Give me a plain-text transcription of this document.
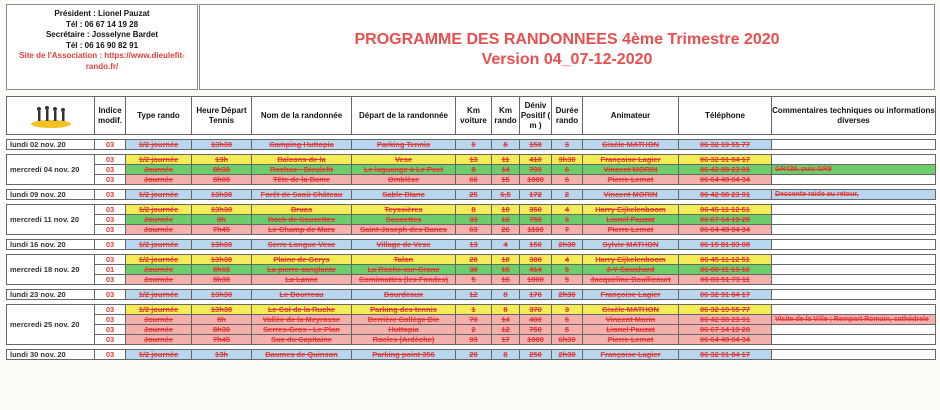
Président : Lionel Pauzat
Tél : 06 67 14 19 28
Secrétaire : Josselyne Bardet
Tél : 06 16 90 82 91
Site de l'Association : https://www.dieulefit-
rando.fr/
PROGRAMME DES RANDONNEES 4ème Trimestre 2020
Version 04_07-12-2020
	Indice modif.	Type rando	Heure Départ Tennis	Nom de la randonnée	Départ de la randonnée	Km voiture	Km rando	Déniv Positif ( m )	Durée rando	Animateur	Téléphone	Commentaires techniques ou informations diverses

lundi 02 nov. 20	03	1/2 journée	13h30	Camping Huttopia	Parking Tennis	0	8	150	3	Gisèle MATHON	06 32 19 55 77	

mercredi 04 nov. 20	03	1/2 journée	13h	Balcons de la	Vese	13	11	410	3h30	Françoise Lagier	06 32 91 84 17	
	03	Journée	8h30	Rochas - Dieulefit	Le laguange à Le Poet	8	14	790	6	Vincent MORIN	06 42 88 23 91	GR429, puis GR9
	03	Journée	8h00	Tête de la Dame	Omblèze	66	15	1000	6	Pierre Lemot	06 64 48 04 34	

lundi 09 nov. 20	03	1/2 journée	13h30	Forêt de Saoû Château	Sable Blanc	25	6,5	172	2	Vincent MORIN	06 42 88 23 91	Descente raide au retour,

mercredi 11 nov. 20	03	1/2 journée	13h30	Bruas	Teyssières	8	10	350	4	Harry Eijkelenboom	06 45 11 12 51	
	03	Journée	8h	Rock de Soucettes	Soucettes	33	16	750	6	Lionel Pauzat	06 67 14 19 28	
	03	Journée	7h45	Le Champ de Mars	Saint-Joseph des Bancs	63	26	1100	7	Pierre Lemot	06 64 48 04 34	

lundi 16 nov. 20	03	1/2 journée	13h30	Serre Longue Vese	Village de Vese	13	4	150	2h30	Sylvie MATHON	06 15 81 83 08	

mercredi 18 nov. 20	03	1/2 journée	13h30	Plaine de Gerys	Talon	20	10	300	4	Harry Eijkelenboom	06 45 11 12 51	
	01	Journée	8h15	La pierre sanglante	La Roche-sur-Grane	30	15	414	5	J-Y Soushard	06 08 11 16 16	
	03	Journée	8h30	La Lance	Comimattes (les Fondes)	5	16	1000	5	Jacqueline Boullicourt	06 83 51 73 11	

lundi 23 nov. 20	03	1/2 journée	13h30	Le Bourreau	Bourdeaux	12	8	170	2h30	Françoise Lagier	06 32 91 84 17	

mercredi 25 nov. 20	03	1/2 journée	13h30	Le Col de la Ruche	Parking des tennis	1	8	370	3	Gisèle MATHON	06 32 19 55 77	
	03	Journée	8h	Vallée de la Meyrosse	Derrière Collège Die	70	14	400	6	Vincent Morin	06 42 88 23 91	Visite de la Ville ; Rempart Romain, cathédrale
	03	Journée	8h30	Serres-Gros - Le Plan	Huttopia	2	12	750	5	Lionel Pauzat	06 67 14 19 28	
	03	Journée	7h45	Suc du Capitaine	Rocles (Ardèche)	93	17	1000	6h30	Pierre Lemot	06 64 48 04 34	

lundi 30 nov. 20	03	1/2 journée	13h	Baumes de Quinson	Parking point 356	20	8	250	2h30	Françoise Lagier	06 32 91 84 17	
